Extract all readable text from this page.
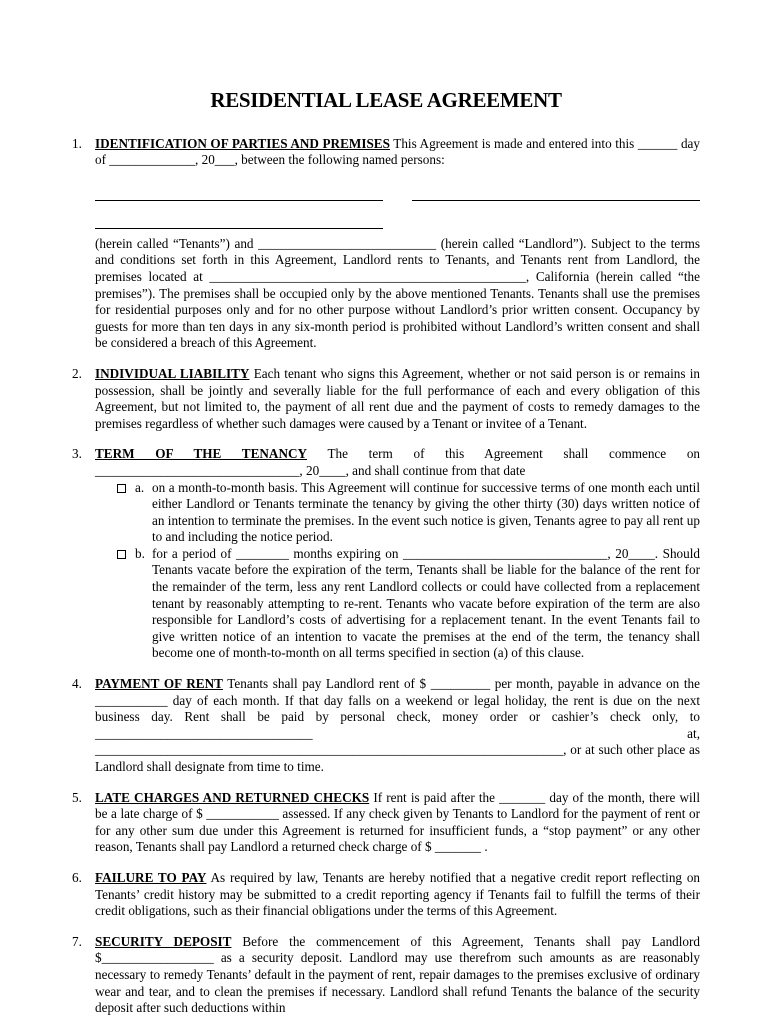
RESIDENTIAL LEASE AGREEMENT
1. IDENTIFICATION OF PARTIES AND PREMISES This Agreement is made and entered into this ______ day of _____________, 20___, between the following named persons:

(herein called “Tenants”) and ___________________________ (herein called “Landlord”). Subject to the terms and conditions set forth in this Agreement, Landlord rents to Tenants, and Tenants rent from Landlord, the premises located at ________________________________________________, California (herein called “the premises”). The premises shall be occupied only by the above mentioned Tenants. Tenants shall use the premises for residential purposes only and for no other purpose without Landlord’s prior written consent. Occupancy by guests for more than ten days in any six-month period is prohibited without Landlord’s written consent and shall be considered a breach of this Agreement.

2. INDIVIDUAL LIABILITY Each tenant who signs this Agreement, whether or not said person is or remains in possession, shall be jointly and severally liable for the full performance of each and every obligation of this Agreement, but not limited to, the payment of all rent due and the payment of costs to remedy damages to the premises regardless of whether such damages were caused by a Tenant or invitee of a Tenant.

3. TERM OF THE TENANCY The term of this Agreement shall commence on _______________________________, 20____, and shall continue from that date

a. on a month-to-month basis. This Agreement will continue for successive terms of one month each until either Landlord or Tenants terminate the tenancy by giving the other thirty (30) days written notice of an intention to terminate the premises. In the event such notice is given, Tenants agree to pay all rent up to and including the notice period.
b. for a period of ________ months expiring on _______________________________, 20____. Should Tenants vacate before the expiration of the term, Tenants shall be liable for the balance of the rent for the remainder of the term, less any rent Landlord collects or could have collected from a replacement tenant by reasonably attempting to re-rent. Tenants who vacate before expiration of the term are also responsible for Landlord’s costs of advertising for a replacement tenant. In the event Tenants fail to give written notice of an intention to vacate the premises at the end of the term, the tenancy shall become one of month-to-month on all terms specified in section (a) of this clause.
4. PAYMENT OF RENT Tenants shall pay Landlord rent of $ _________ per month, payable in advance on the ___________ day of each month. If that day falls on a weekend or legal holiday, the rent is due on the next business day. Rent shall be paid by personal check, money order or cashier’s check only, to _________________________________ at, _______________________________________________________________________, or at such other place as Landlord shall designate from time to time.

5. LATE CHARGES AND RETURNED CHECKS If rent is paid after the _______ day of the month, there will be a late charge of $ ___________ assessed. If any check given by Tenants to Landlord for the payment of rent or for any other sum due under this Agreement is returned for insufficient funds, a “stop payment” or any other reason, Tenants shall pay Landlord a returned check charge of $ _______ .

6. FAILURE TO PAY As required by law, Tenants are hereby notified that a negative credit report reflecting on Tenants’ credit history may be submitted to a credit reporting agency if Tenants fail to fulfill the terms of their credit obligations, such as their financial obligations under the terms of this Agreement.

7. SECURITY DEPOSIT Before the commencement of this Agreement, Tenants shall pay Landlord $_________________ as a security deposit. Landlord may use therefrom such amounts as are reasonably necessary to remedy Tenants’ default in the payment of rent, repair damages to the premises exclusive of ordinary wear and tear, and to clean the premises if necessary. Landlord shall refund Tenants the balance of the security deposit after such deductions within
